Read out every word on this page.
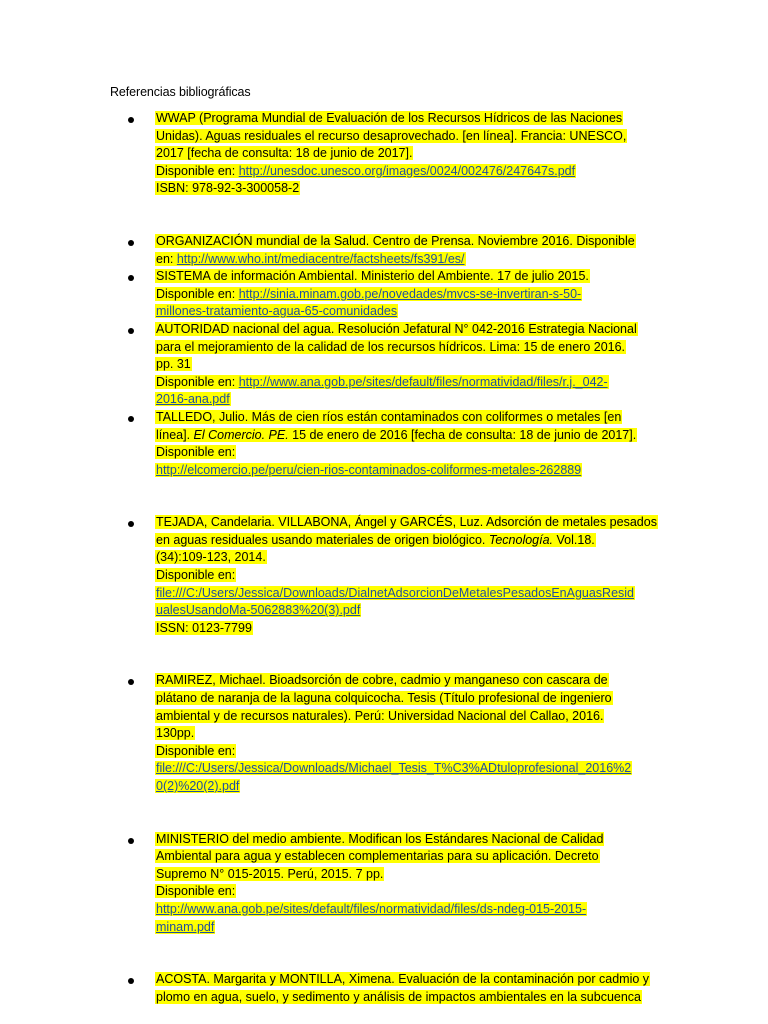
Referencias bibliográficas
WWAP (Programa Mundial de Evaluación de los Recursos Hídricos de las Naciones
Unidas). Aguas residuales el recurso desaprovechado. [en línea]. Francia: UNESCO,
2017 [fecha de consulta: 18 de junio de 2017].
Disponible en: http://unesdoc.unesco.org/images/0024/002476/247647s.pdf
ISBN: 978-92-3-300058-2
ORGANIZACIÓN mundial de la Salud. Centro de Prensa. Noviembre 2016. Disponible
en: http://www.who.int/mediacentre/factsheets/fs391/es/
SISTEMA de información Ambiental. Ministerio del Ambiente. 17 de julio 2015.
Disponible en: http://sinia.minam.gob.pe/novedades/mvcs-se-invertiran-s-50-
millones-tratamiento-agua-65-comunidades
AUTORIDAD nacional del agua. Resolución Jefatural N° 042-2016 Estrategia Nacional
para el mejoramiento de la calidad de los recursos hídricos. Lima: 15 de enero 2016.
pp. 31
Disponible en: http://www.ana.gob.pe/sites/default/files/normatividad/files/r.j._042-
2016-ana.pdf
TALLEDO, Julio. Más de cien ríos están contaminados con coliformes o metales [en
línea]. El Comercio. PE. 15 de enero de 2016 [fecha de consulta: 18 de junio de 2017].
Disponible en:
http://elcomercio.pe/peru/cien-rios-contaminados-coliformes-metales-262889
TEJADA, Candelaria. VILLABONA, Ángel y GARCÉS, Luz. Adsorción de metales pesados
en aguas residuales usando materiales de origen biológico. Tecnología. Vol.18.
(34):109-123, 2014.
Disponible en:
file:///C:/Users/Jessica/Downloads/DialnetAdsorcionDeMetalesPesadosEnAguasResid
ualesUsandoMa-5062883%20(3).pdf
ISSN: 0123-7799
RAMIREZ, Michael. Bioadsorción de cobre, cadmio y manganeso con cascara de
plátano de naranja de la laguna colquicocha. Tesis (Título profesional de ingeniero
ambiental y de recursos naturales). Perú: Universidad Nacional del Callao, 2016.
130pp.
Disponible en:
file:///C:/Users/Jessica/Downloads/Michael_Tesis_T%C3%ADtuloprofesional_2016%2
0(2)%20(2).pdf
MINISTERIO del medio ambiente. Modifican los Estándares Nacional de Calidad
Ambiental para agua y establecen complementarias para su aplicación. Decreto
Supremo N° 015-2015. Perú, 2015. 7 pp.
Disponible en:
http://www.ana.gob.pe/sites/default/files/normatividad/files/ds-ndeg-015-2015-
minam.pdf
ACOSTA. Margarita y MONTILLA, Ximena. Evaluación de la contaminación por cadmio y
plomo en agua, suelo, y sedimento y análisis de impactos ambientales en la subcuenca
